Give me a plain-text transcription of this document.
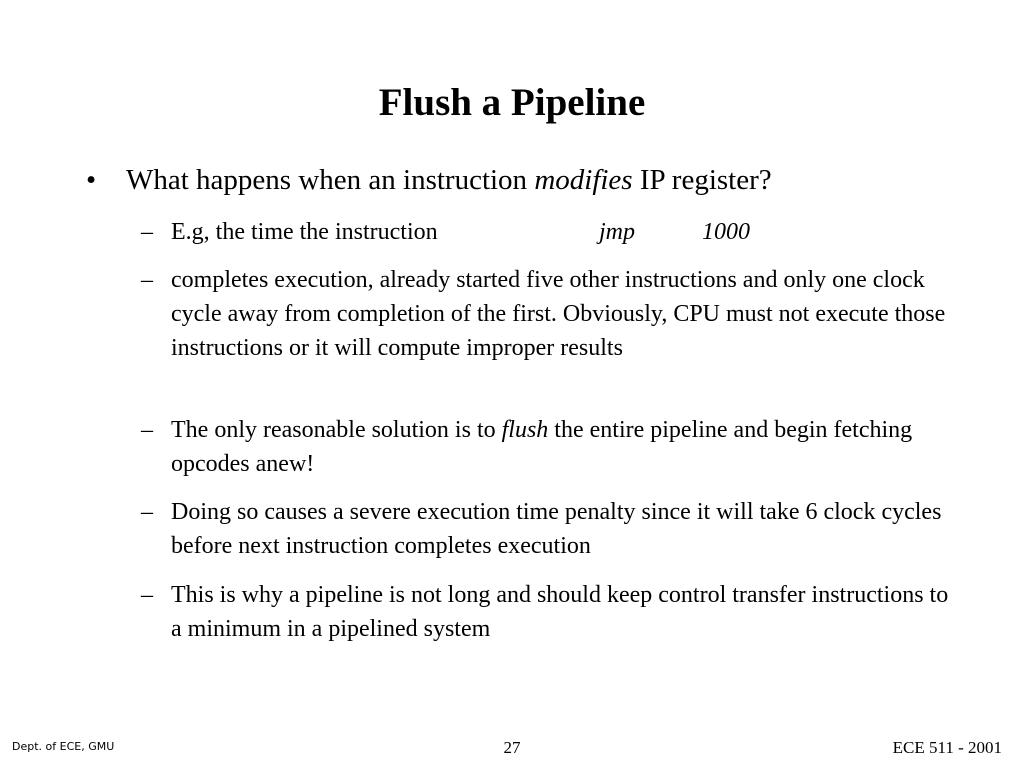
Flush a Pipeline
• What happens when an instruction modifies IP register?
– E.g, the time the instruction	jmp	1000
– completes execution, already started five other instructions and only one clock cycle away from completion of the first. Obviously, CPU must not execute those instructions or it will compute improper results
– The only reasonable solution is to flush the entire pipeline and begin fetching opcodes anew!
– Doing so causes a severe execution time penalty since it will take 6 clock cycles before next instruction completes execution
– This is why a pipeline is not long and should keep control transfer instructions to a minimum in a pipelined system
Dept. of ECE, GMU	27	ECE 511 - 2001
